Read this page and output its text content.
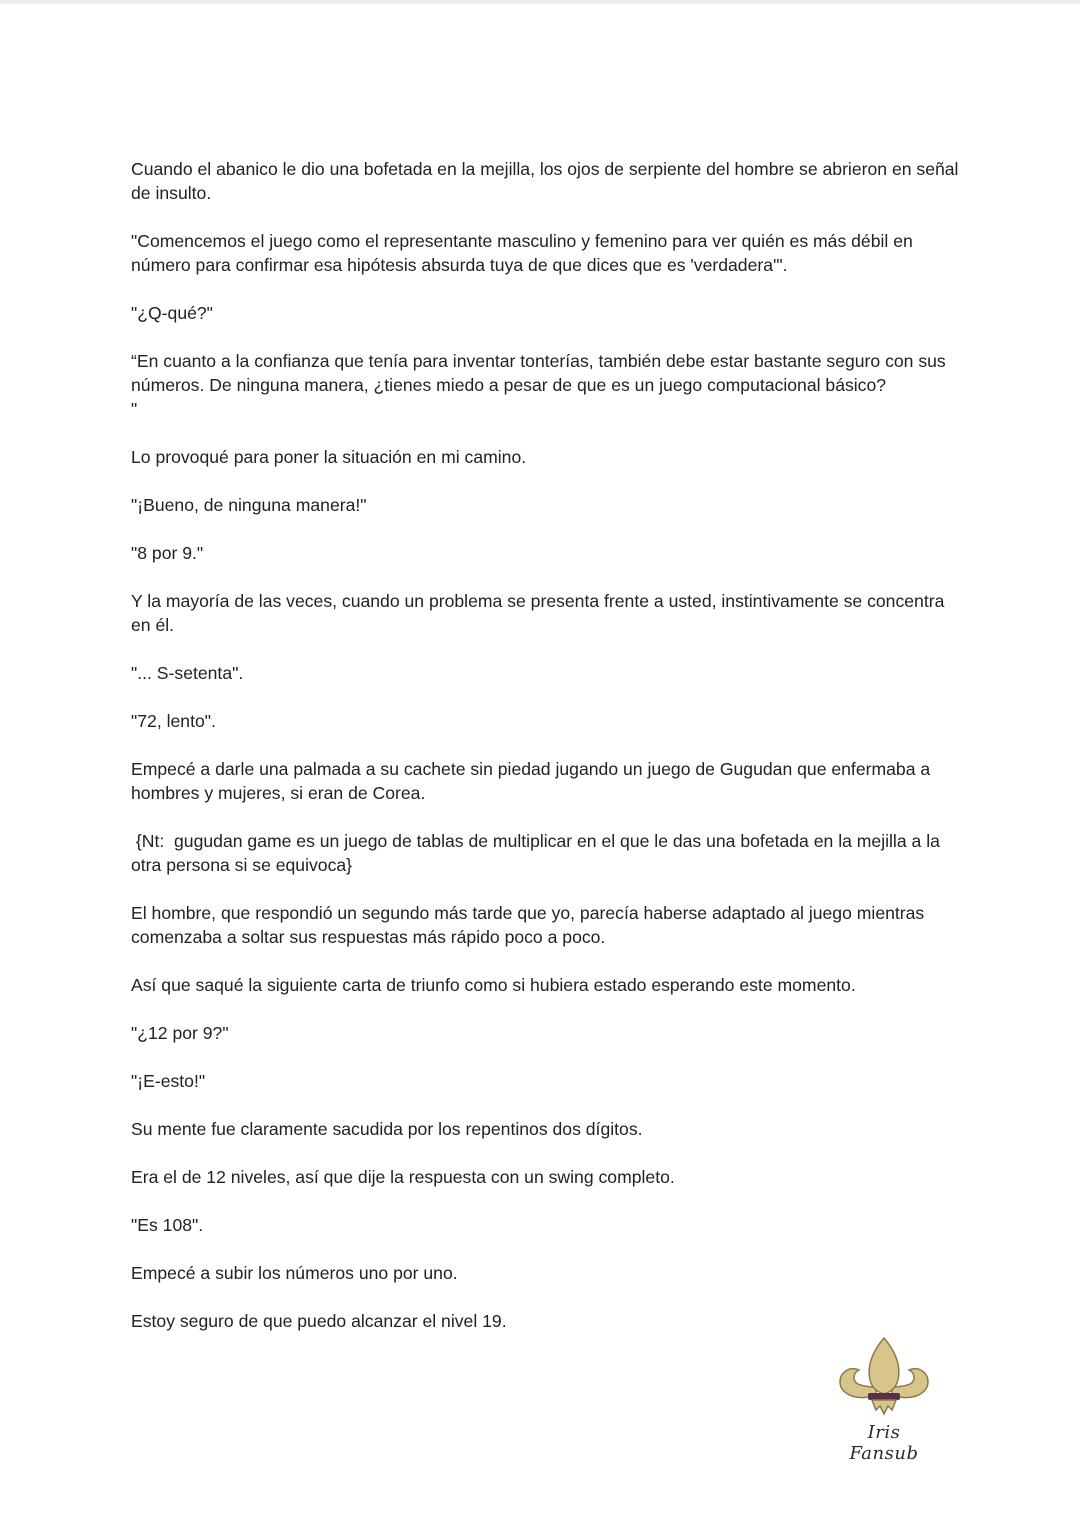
Cuando el abanico le dio una bofetada en la mejilla, los ojos de serpiente del hombre se abrieron en señal de insulto.

"Comencemos el juego como el representante masculino y femenino para ver quién es más débil en número para confirmar esa hipótesis absurda tuya de que dices que es 'verdadera'".

"¿Q-qué?"

“En cuanto a la confianza que tenía para inventar tonterías, también debe estar bastante seguro con sus números. De ninguna manera, ¿tienes miedo a pesar de que es un juego computacional básico?
"

Lo provoqué para poner la situación en mi camino.

"¡Bueno, de ninguna manera!"

"8 por 9."

Y la mayoría de las veces, cuando un problema se presenta frente a usted, instintivamente se concentra en él.

"... S-setenta".

"72, lento".

Empecé a darle una palmada a su cachete sin piedad jugando un juego de Gugudan que enfermaba a hombres y mujeres, si eran de Corea.

{Nt:  gugudan game es un juego de tablas de multiplicar en el que le das una bofetada en la mejilla a la otra persona si se equivoca}

El hombre, que respondió un segundo más tarde que yo, parecía haberse adaptado al juego mientras comenzaba a soltar sus respuestas más rápido poco a poco.

Así que saqué la siguiente carta de triunfo como si hubiera estado esperando este momento.

"¿12 por 9?"

"¡E-esto!"

Su mente fue claramente sacudida por los repentinos dos dígitos.

Era el de 12 niveles, así que dije la respuesta con un swing completo.

"Es 108".

Empecé a subir los números uno por uno.

Estoy seguro de que puedo alcanzar el nivel 19.

Iris Fansub
